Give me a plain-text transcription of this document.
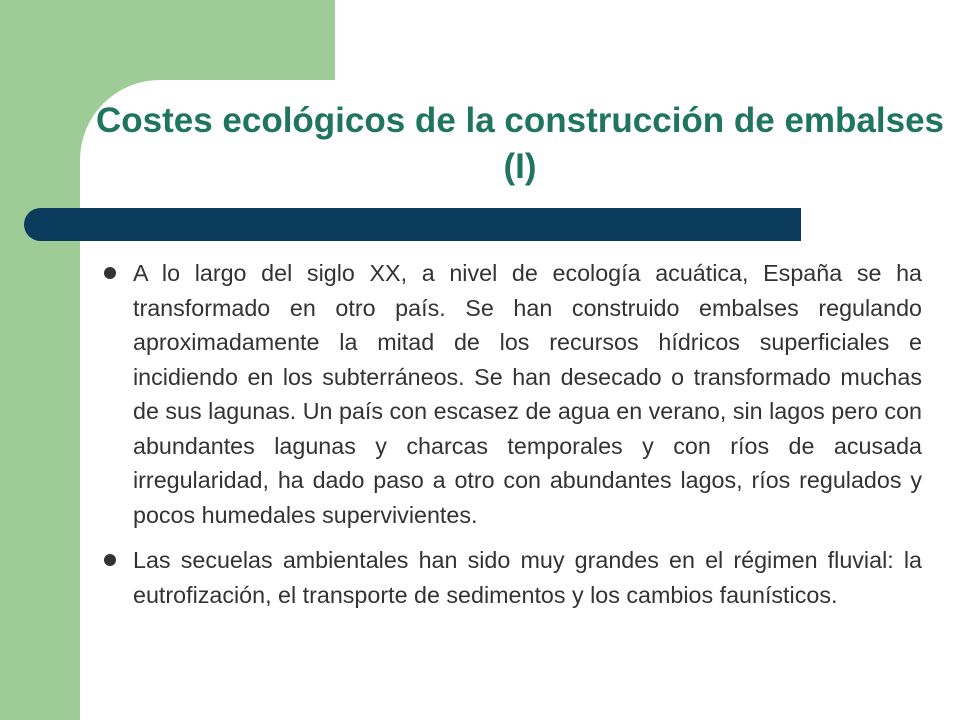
Costes ecológicos de la construcción de embalses (I)
A lo largo del siglo XX, a nivel de ecología acuática, España se ha transformado en otro país. Se han construido embalses regulando aproximadamente la mitad de los recursos hídricos superficiales e incidiendo en los subterráneos. Se han desecado o transformado muchas de sus lagunas. Un país con escasez de agua en verano, sin lagos pero con abundantes lagunas y charcas temporales y con ríos de acusada irregularidad, ha dado paso a otro con abundantes lagos, ríos regulados y pocos humedales supervivientes.
Las secuelas ambientales han sido muy grandes en el régimen fluvial: la eutrofización, el transporte de sedimentos y los cambios faunísticos.
